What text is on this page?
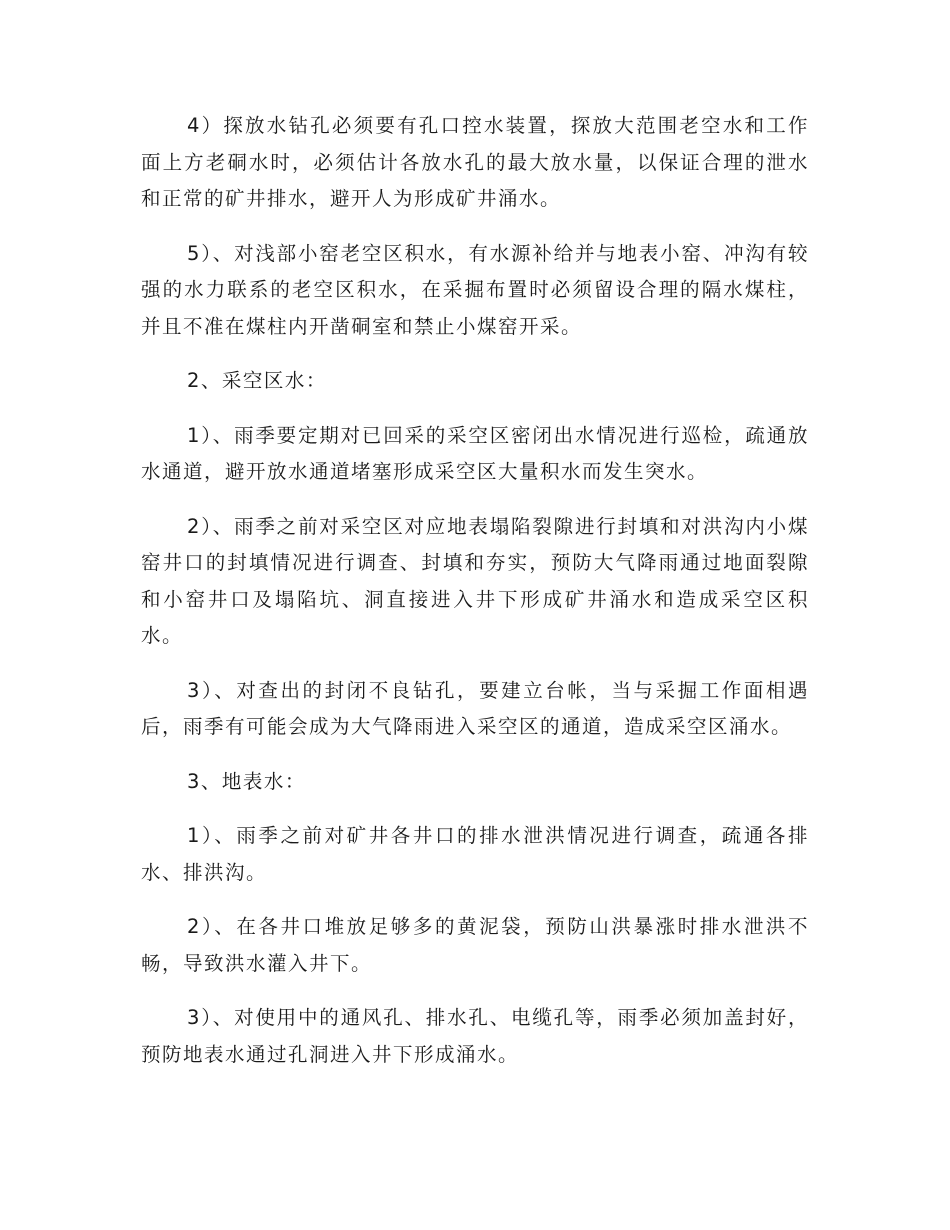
4）探放水钻孔必须要有孔口控水装置，探放大范围老空水和工作面上方老硐水时，必须估计各放水孔的最大放水量，以保证合理的泄水和正常的矿井排水，避开人为形成矿井涌水。

5）、对浅部小窑老空区积水，有水源补给并与地表小窑、冲沟有较强的水力联系的老空区积水，在采掘布置时必须留设合理的隔水煤柱，并且不准在煤柱内开凿硐室和禁止小煤窑开采。

2、采空区水：

1）、雨季要定期对已回采的采空区密闭出水情况进行巡检，疏通放水通道，避开放水通道堵塞形成采空区大量积水而发生突水。

2）、雨季之前对采空区对应地表塌陷裂隙进行封填和对洪沟内小煤窑井口的封填情况进行调查、封填和夯实，预防大气降雨通过地面裂隙和小窑井口及塌陷坑、洞直接进入井下形成矿井涌水和造成采空区积水。

3）、对查出的封闭不良钻孔，要建立台帐，当与采掘工作面相遇后，雨季有可能会成为大气降雨进入采空区的通道，造成采空区涌水。

3、地表水：

1）、雨季之前对矿井各井口的排水泄洪情况进行调查，疏通各排水、排洪沟。

2）、在各井口堆放足够多的黄泥袋，预防山洪暴涨时排水泄洪不畅，导致洪水灌入井下。

3）、对使用中的通风孔、排水孔、电缆孔等，雨季必须加盖封好，预防地表水通过孔洞进入井下形成涌水。
